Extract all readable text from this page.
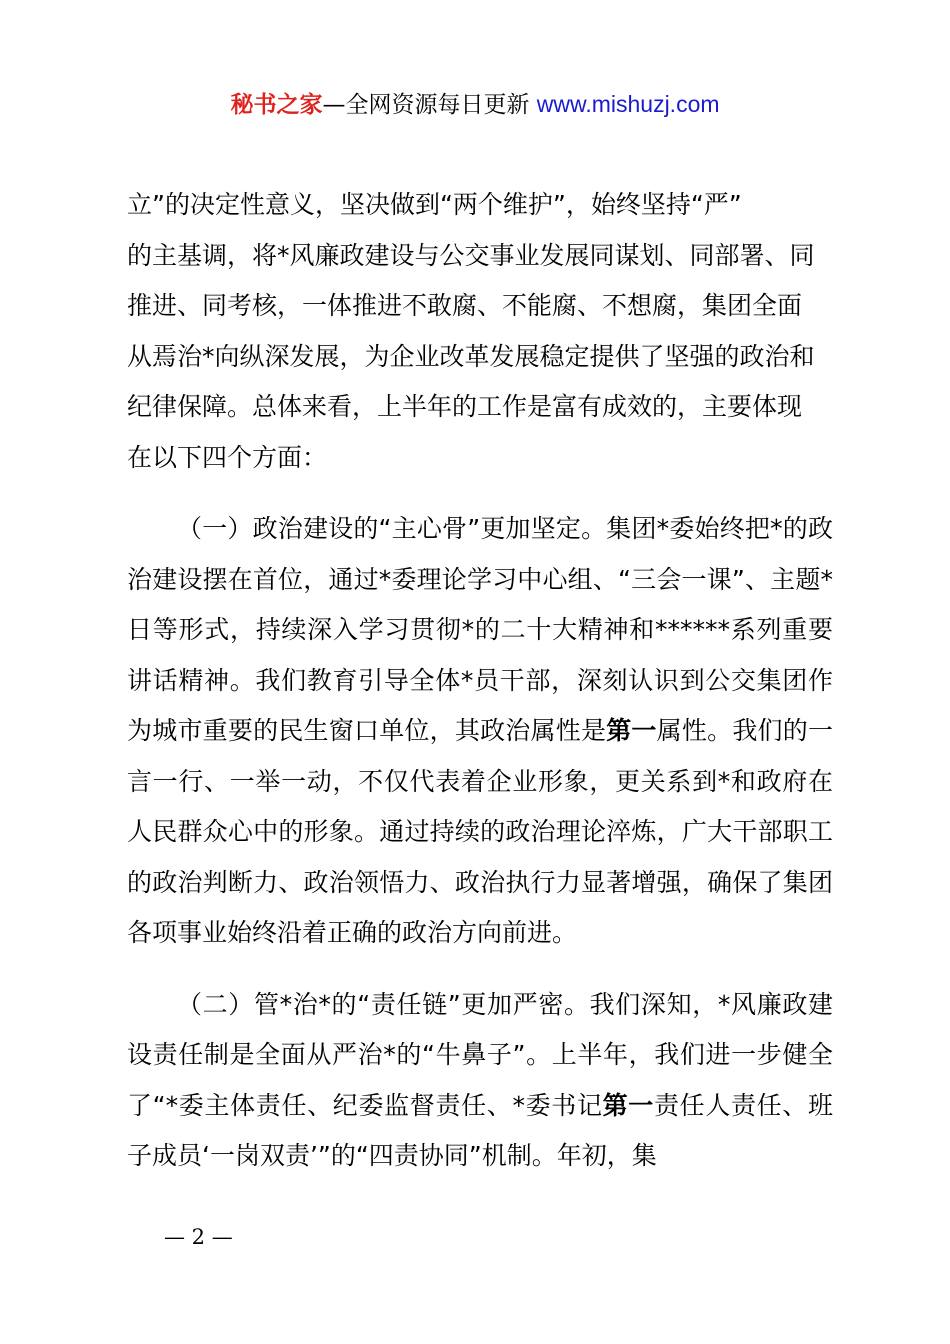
秘书之家—全网资源每日更新 www.mishuzj.com

立”的决定性意义，坚决做到“两个维护”，始终坚持“严”
的主基调，将*风廉政建设与公交事业发展同谋划、同部署、同
推进、同考核，一体推进不敢腐、不能腐、不想腐，集团全面
从焉治*向纵深发展，为企业改革发展稳定提供了坚强的政治和
纪律保障。总体来看，上半年的工作是富有成效的，主要体现
在以下四个方面：

（一）政治建设的“主心骨”更加坚定。集团*委始终把*的政治建设摆在首位，通过*委理论学习中心组、“三会一课”、主题*日等形式，持续深入学习贯彻*的二十大精神和******系列重要讲话精神。我们教育引导全体*员干部，深刻认识到公交集团作为城市重要的民生窗口单位，其政治属性是第一属性。我们的一言一行、一举一动，不仅代表着企业形象，更关系到*和政府在人民群众心中的形象。通过持续的政治理论淬炼，广大干部职工的政治判断力、政治领悟力、政治执行力显著增强，确保了集团各项事业始终沿着正确的政治方向前进。

（二）管*治*的“责任链”更加严密。我们深知，*风廉政建设责任制是全面从严治*的“牛鼻子”。上半年，我们进一步健全了“*委主体责任、纪委监督责任、*委书记第一责任人责任、班子成员‘一岗双责’”的“四责协同”机制。年初，集

— 2 —
